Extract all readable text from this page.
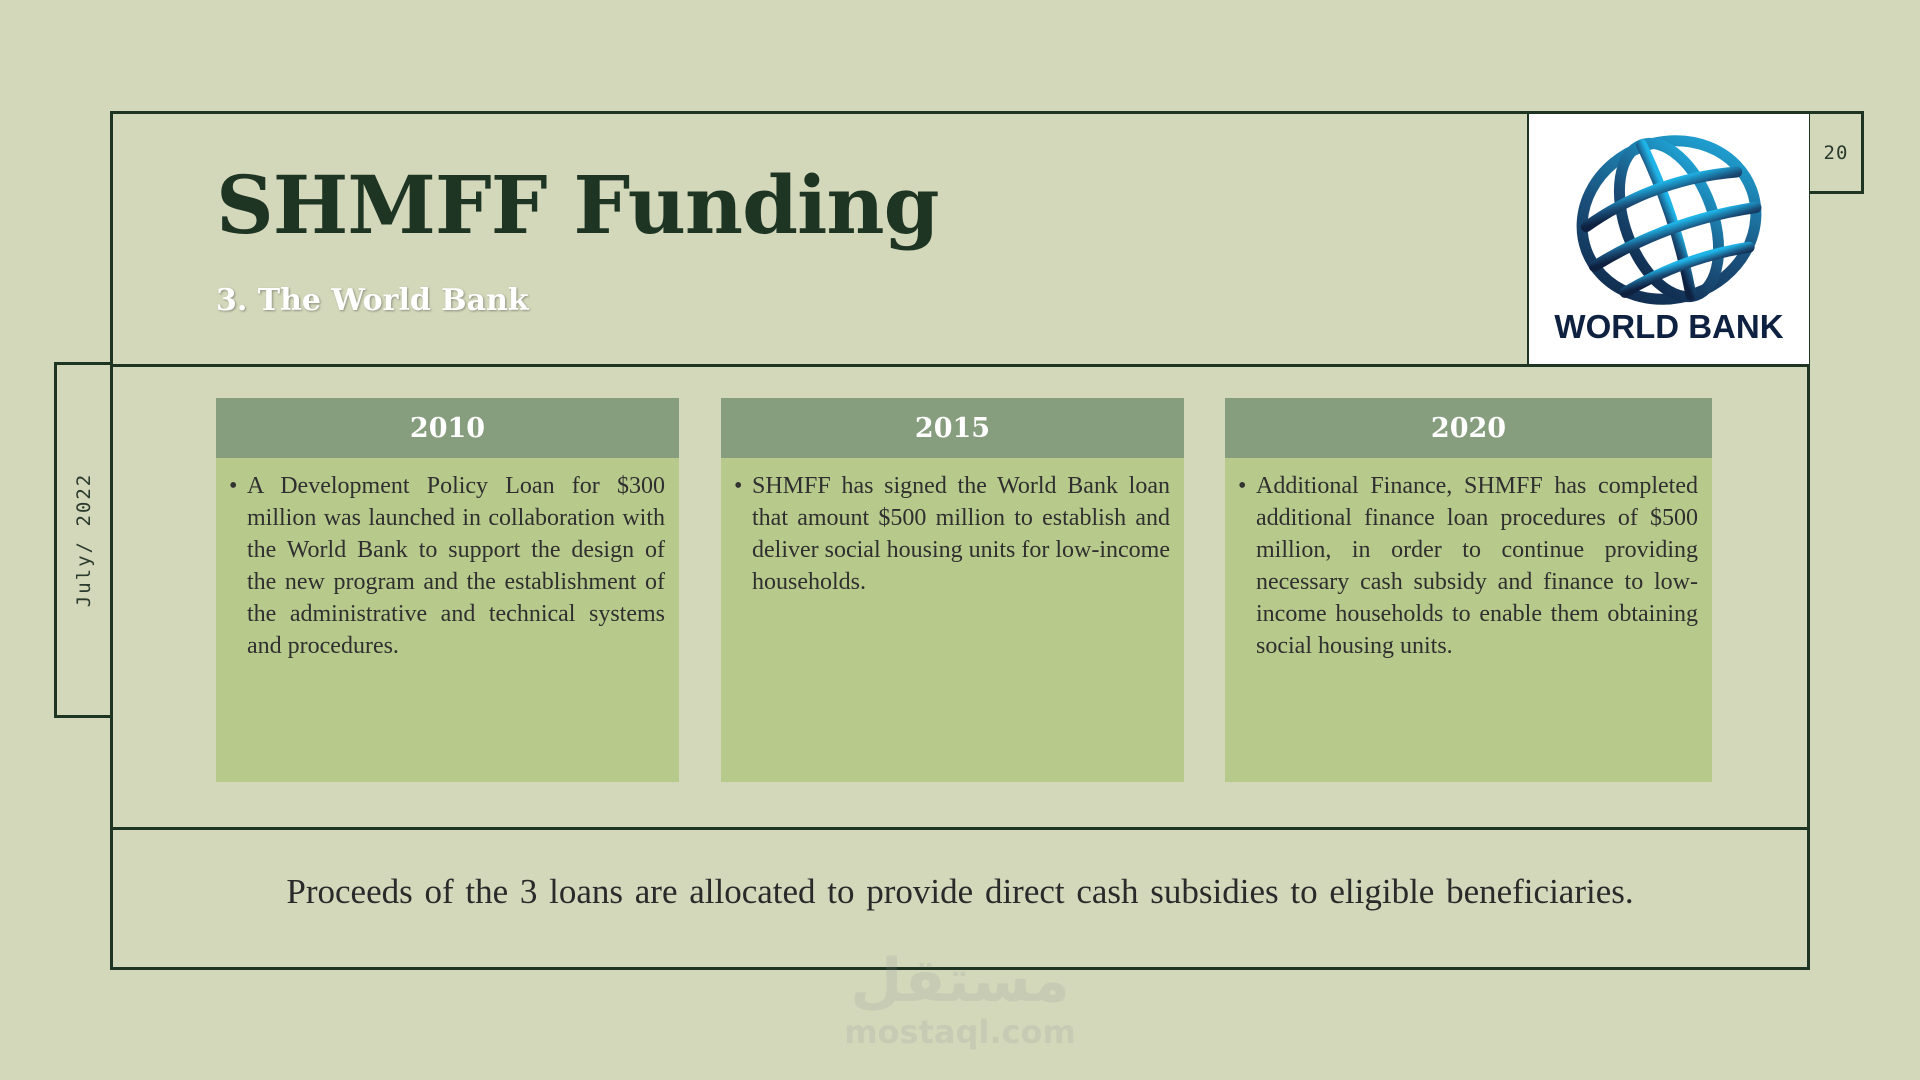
July/ 2022
20
WORLD BANK
SHMFF Funding
3. The World Bank
2010
• A Development Policy Loan for $300 million was launched in collaboration with the World Bank to support the design of the new program and the establishment of the administrative and technical systems and procedures.
2015
• SHMFF has signed the World Bank loan that amount $500 million to establish and deliver social housing units for low-income households.
2020
• Additional Finance, SHMFF has completed additional finance loan procedures of $500 million, in order to continue providing necessary cash subsidy and finance to low-income households to enable them obtaining social housing units.
Proceeds of the 3 loans are allocated to provide direct cash subsidies to eligible beneficiaries.
مستقل
mostaql.com
